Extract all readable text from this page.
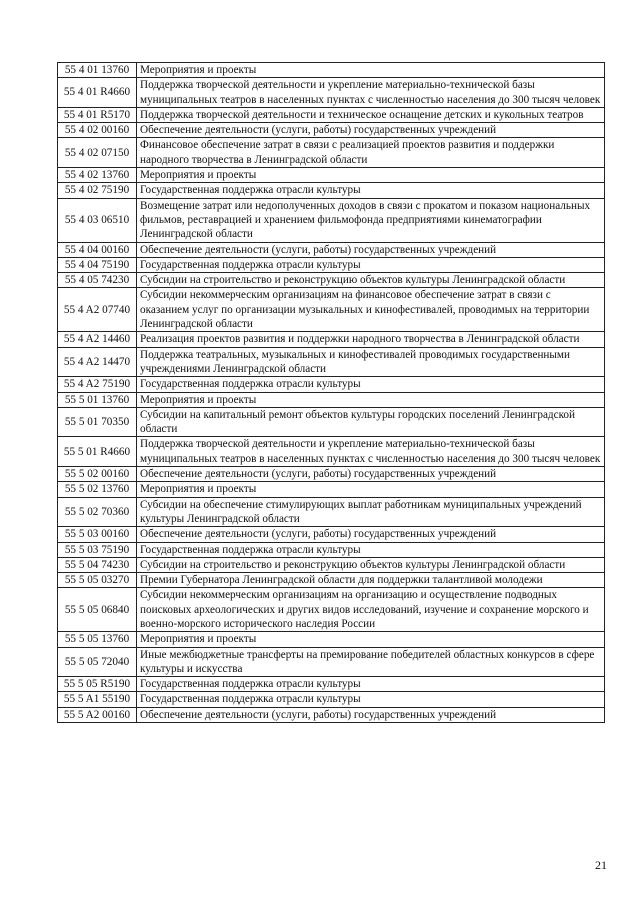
55 4 01 13760	Мероприятия и проекты
55 4 01 R4660	Поддержка творческой деятельности и укрепление материально-технической базы муниципальных театров в населенных пунктах с численностью населения до 300 тысяч человек
55 4 01 R5170	Поддержка творческой деятельности и техническое оснащение детских и кукольных театров
55 4 02 00160	Обеспечение деятельности (услуги, работы) государственных учреждений
55 4 02 07150	Финансовое обеспечение затрат в связи с реализацией проектов развития и поддержки народного творчества в Ленинградской области
55 4 02 13760	Мероприятия и проекты
55 4 02 75190	Государственная поддержка отрасли культуры
55 4 03 06510	Возмещение затрат или недополученных доходов в связи с прокатом и показом национальных фильмов, реставрацией и хранением фильмофонда предприятиями кинематографии Ленинградской области
55 4 04 00160	Обеспечение деятельности (услуги, работы) государственных учреждений
55 4 04 75190	Государственная поддержка отрасли культуры
55 4 05 74230	Субсидии на строительство и реконструкцию объектов культуры Ленинградской области
55 4 A2 07740	Субсидии некоммерческим организациям на финансовое обеспечение затрат в связи с оказанием услуг по организации музыкальных и кинофестивалей, проводимых на территории Ленинградской области
55 4 A2 14460	Реализация проектов развития и поддержки народного творчества в Ленинградской области
55 4 A2 14470	Поддержка театральных, музыкальных и кинофестивалей проводимых государственными учреждениями Ленинградской области
55 4 A2 75190	Государственная поддержка отрасли культуры
55 5 01 13760	Мероприятия и проекты
55 5 01 70350	Субсидии на капитальный ремонт объектов культуры городских поселений Ленинградской области
55 5 01 R4660	Поддержка творческой деятельности и укрепление материально-технической базы муниципальных театров в населенных пунктах с численностью населения до 300 тысяч человек
55 5 02 00160	Обеспечение деятельности (услуги, работы) государственных учреждений
55 5 02 13760	Мероприятия и проекты
55 5 02 70360	Субсидии на обеспечение стимулирующих выплат работникам муниципальных учреждений культуры Ленинградской области
55 5 03 00160	Обеспечение деятельности (услуги, работы) государственных учреждений
55 5 03 75190	Государственная поддержка отрасли культуры
55 5 04 74230	Субсидии на строительство и реконструкцию объектов культуры Ленинградской области
55 5 05 03270	Премии Губернатора Ленинградской области для поддержки талантливой молодежи
55 5 05 06840	Субсидии некоммерческим организациям на организацию и осуществление подводных поисковых археологических и других видов исследований, изучение и сохранение морского и военно-морского исторического наследия России
55 5 05 13760	Мероприятия и проекты
55 5 05 72040	Иные межбюджетные трансферты на премирование победителей областных конкурсов в сфере культуры и искусства
55 5 05 R5190	Государственная поддержка отрасли культуры
55 5 A1 55190	Государственная поддержка отрасли культуры
55 5 A2 00160	Обеспечение деятельности (услуги, работы) государственных учреждений
21
